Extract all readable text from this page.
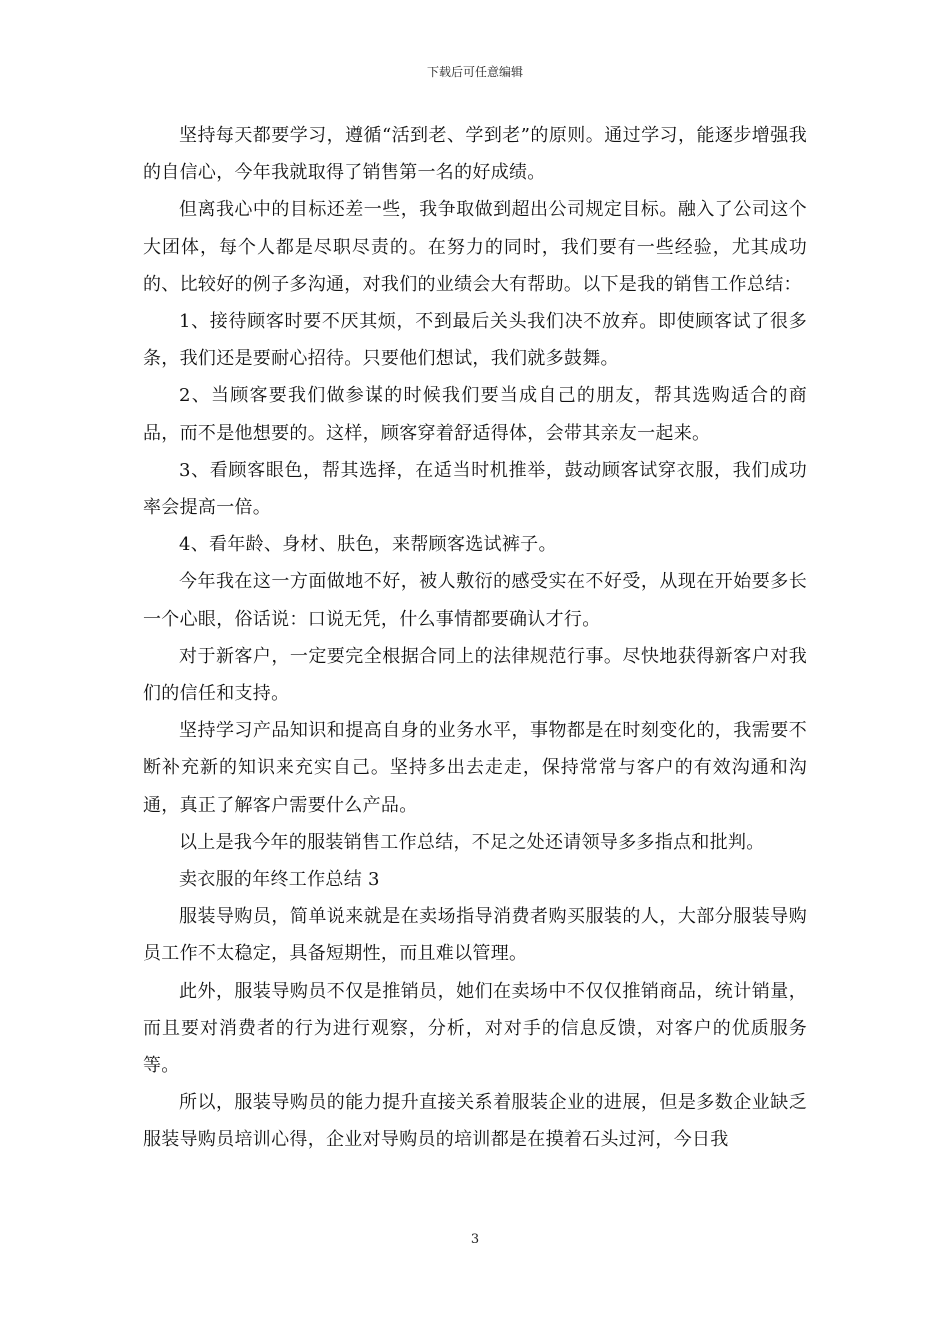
下载后可任意编辑

坚持每天都要学习，遵循“活到老、学到老”的原则。通过学习，能逐步增强我的自信心，今年我就取得了销售第一名的好成绩。

但离我心中的目标还差一些，我争取做到超出公司规定目标。融入了公司这个大团体，每个人都是尽职尽责的。在努力的同时，我们要有一些经验，尤其成功的、比较好的例子多沟通，对我们的业绩会大有帮助。以下是我的销售工作总结：

1、接待顾客时要不厌其烦，不到最后关头我们决不放弃。即使顾客试了很多条，我们还是要耐心招待。只要他们想试，我们就多鼓舞。

2、当顾客要我们做参谋的时候我们要当成自己的朋友，帮其选购适合的商品，而不是他想要的。这样，顾客穿着舒适得体，会带其亲友一起来。

3、看顾客眼色，帮其选择，在适当时机推举，鼓动顾客试穿衣服，我们成功率会提高一倍。

4、看年龄、身材、肤色，来帮顾客选试裤子。

今年我在这一方面做地不好，被人敷衍的感受实在不好受，从现在开始要多长一个心眼，俗话说：口说无凭，什么事情都要确认才行。

对于新客户，一定要完全根据合同上的法律规范行事。尽快地获得新客户对我们的信任和支持。

坚持学习产品知识和提高自身的业务水平，事物都是在时刻变化的，我需要不断补充新的知识来充实自己。坚持多出去走走，保持常常与客户的有效沟通和沟通，真正了解客户需要什么产品。

以上是我今年的服装销售工作总结，不足之处还请领导多多指点和批判。

卖衣服的年终工作总结 3

服装导购员，简单说来就是在卖场指导消费者购买服装的人，大部分服装导购员工作不太稳定，具备短期性，而且难以管理。

此外，服装导购员不仅是推销员，她们在卖场中不仅仅推销商品，统计销量，而且要对消费者的行为进行观察，分析，对对手的信息反馈，对客户的优质服务等。

所以，服装导购员的能力提升直接关系着服装企业的进展，但是多数企业缺乏服装导购员培训心得，企业对导购员的培训都是在摸着石头过河，今日我

3
